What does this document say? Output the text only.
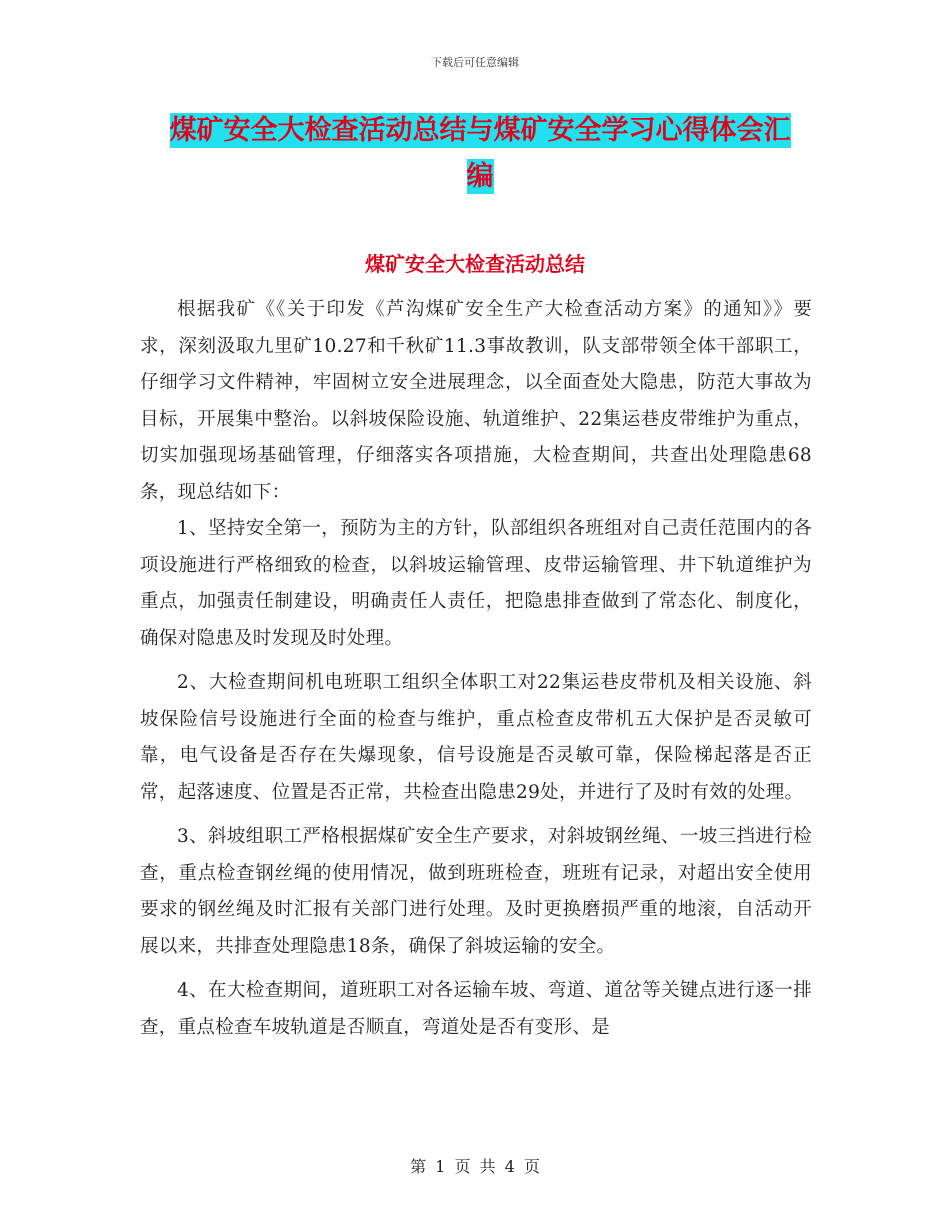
下载后可任意编辑
煤矿安全大检查活动总结与煤矿安全学习心得体会汇
编
煤矿安全大检查活动总结

根据我矿《《关于印发《芦沟煤矿安全生产大检查活动方案》的通知》》要求，深刻汲取九里矿10.27和千秋矿11.3事故教训，队支部带领全体干部职工，仔细学习文件精神，牢固树立安全进展理念，以全面查处大隐患，防范大事故为目标，开展集中整治。以斜坡保险设施、轨道维护、22集运巷皮带维护为重点，切实加强现场基础管理，仔细落实各项措施，大检查期间，共查出处理隐患68条，现总结如下：

1、坚持安全第一，预防为主的方针，队部组织各班组对自己责任范围内的各项设施进行严格细致的检查，以斜坡运输管理、皮带运输管理、井下轨道维护为重点，加强责任制建设，明确责任人责任，把隐患排查做到了常态化、制度化，确保对隐患及时发现及时处理。

2、大检查期间机电班职工组织全体职工对22集运巷皮带机及相关设施、斜坡保险信号设施进行全面的检查与维护，重点检查皮带机五大保护是否灵敏可靠，电气设备是否存在失爆现象，信号设施是否灵敏可靠，保险梯起落是否正常，起落速度、位置是否正常，共检查出隐患29处，并进行了及时有效的处理。

3、斜坡组职工严格根据煤矿安全生产要求，对斜坡钢丝绳、一坡三挡进行检查，重点检查钢丝绳的使用情况，做到班班检查，班班有记录，对超出安全使用要求的钢丝绳及时汇报有关部门进行处理。及时更换磨损严重的地滚，自活动开展以来，共排查处理隐患18条，确保了斜坡运输的安全。

4、在大检查期间，道班职工对各运输车坡、弯道、道岔等关键点进行逐一排查，重点检查车坡轨道是否顺直，弯道处是否有变形、是

第 1 页 共 4 页
